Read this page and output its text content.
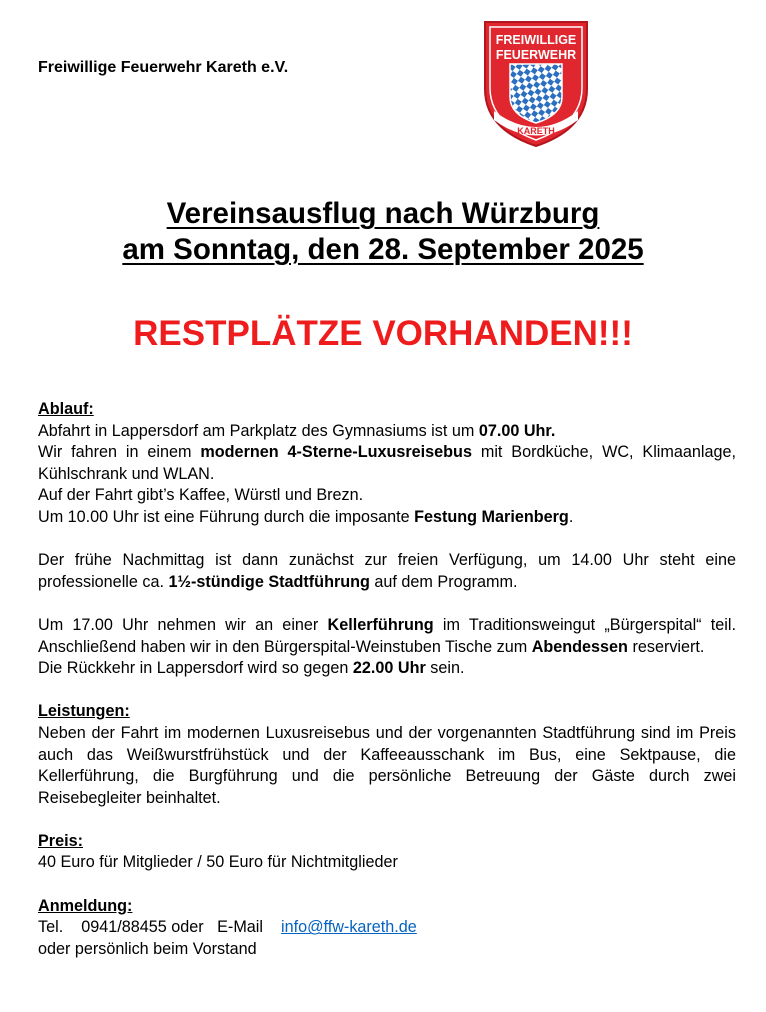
Freiwillige Feuerwehr Kareth e.V.
FREIWILLIGE
FEUERWEHR
KARETH
Vereinsausflug nach Würzburg
am Sonntag, den 28. September 2025
RESTPLÄTZE VORHANDEN!!!

Ablauf:

Abfahrt in Lappersdorf am Parkplatz des Gymnasiums ist um 07.00 Uhr.

Wir fahren in einem modernen 4-Sterne-Luxusreisebus mit Bordküche, WC, Klimaanlage, Kühlschrank und WLAN.

Auf der Fahrt gibt’s Kaffee, Würstl und Brezn.

Um 10.00 Uhr ist eine Führung durch die imposante Festung Marienberg.

Der frühe Nachmittag ist dann zunächst zur freien Verfügung, um 14.00 Uhr steht eine professionelle ca. 1½-stündige Stadtführung auf dem Programm.

Um 17.00 Uhr nehmen wir an einer Kellerführung im Traditionsweingut „Bürgerspital“ teil. Anschließend haben wir in den Bürgerspital-Weinstuben Tische zum Abendessen reserviert.

Die Rückkehr in Lappersdorf wird so gegen 22.00 Uhr sein.

Leistungen:

Neben der Fahrt im modernen Luxusreisebus und der vorgenannten Stadtführung sind im Preis auch das Weißwurstfrühstück und der Kaffeeausschank im Bus, eine Sektpause, die Kellerführung, die Burgführung und die persönliche Betreuung der Gäste durch zwei Reisebegleiter beinhaltet.

Preis:

40 Euro für Mitglieder / 50 Euro für Nichtmitglieder

Anmeldung:

Tel. 0941/88455 oder E-Mail info@ffw-kareth.de

oder persönlich beim Vorstand
